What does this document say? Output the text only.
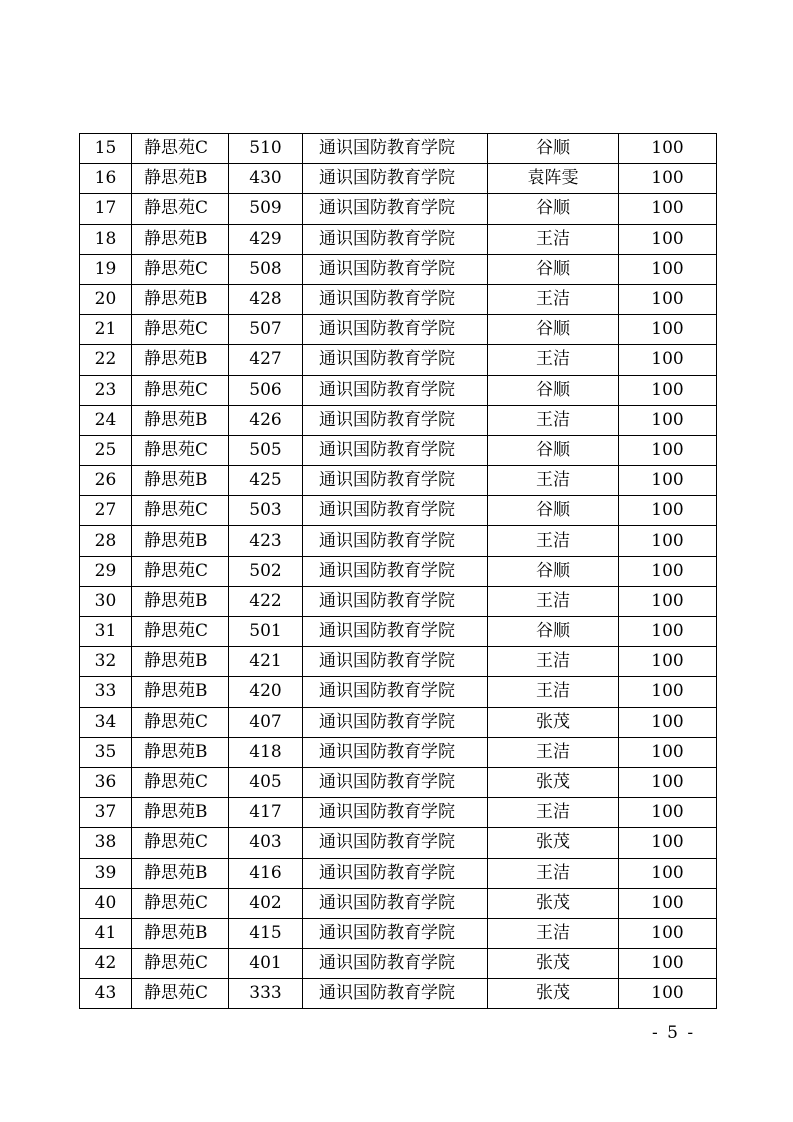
15	静思苑C	510	通识国防教育学院	谷顺	100
16	静思苑B	430	通识国防教育学院	袁阵雯	100
17	静思苑C	509	通识国防教育学院	谷顺	100
18	静思苑B	429	通识国防教育学院	王洁	100
19	静思苑C	508	通识国防教育学院	谷顺	100
20	静思苑B	428	通识国防教育学院	王洁	100
21	静思苑C	507	通识国防教育学院	谷顺	100
22	静思苑B	427	通识国防教育学院	王洁	100
23	静思苑C	506	通识国防教育学院	谷顺	100
24	静思苑B	426	通识国防教育学院	王洁	100
25	静思苑C	505	通识国防教育学院	谷顺	100
26	静思苑B	425	通识国防教育学院	王洁	100
27	静思苑C	503	通识国防教育学院	谷顺	100
28	静思苑B	423	通识国防教育学院	王洁	100
29	静思苑C	502	通识国防教育学院	谷顺	100
30	静思苑B	422	通识国防教育学院	王洁	100
31	静思苑C	501	通识国防教育学院	谷顺	100
32	静思苑B	421	通识国防教育学院	王洁	100
33	静思苑B	420	通识国防教育学院	王洁	100
34	静思苑C	407	通识国防教育学院	张茂	100
35	静思苑B	418	通识国防教育学院	王洁	100
36	静思苑C	405	通识国防教育学院	张茂	100
37	静思苑B	417	通识国防教育学院	王洁	100
38	静思苑C	403	通识国防教育学院	张茂	100
39	静思苑B	416	通识国防教育学院	王洁	100
40	静思苑C	402	通识国防教育学院	张茂	100
41	静思苑B	415	通识国防教育学院	王洁	100
42	静思苑C	401	通识国防教育学院	张茂	100
43	静思苑C	333	通识国防教育学院	张茂	100
- 5 -
